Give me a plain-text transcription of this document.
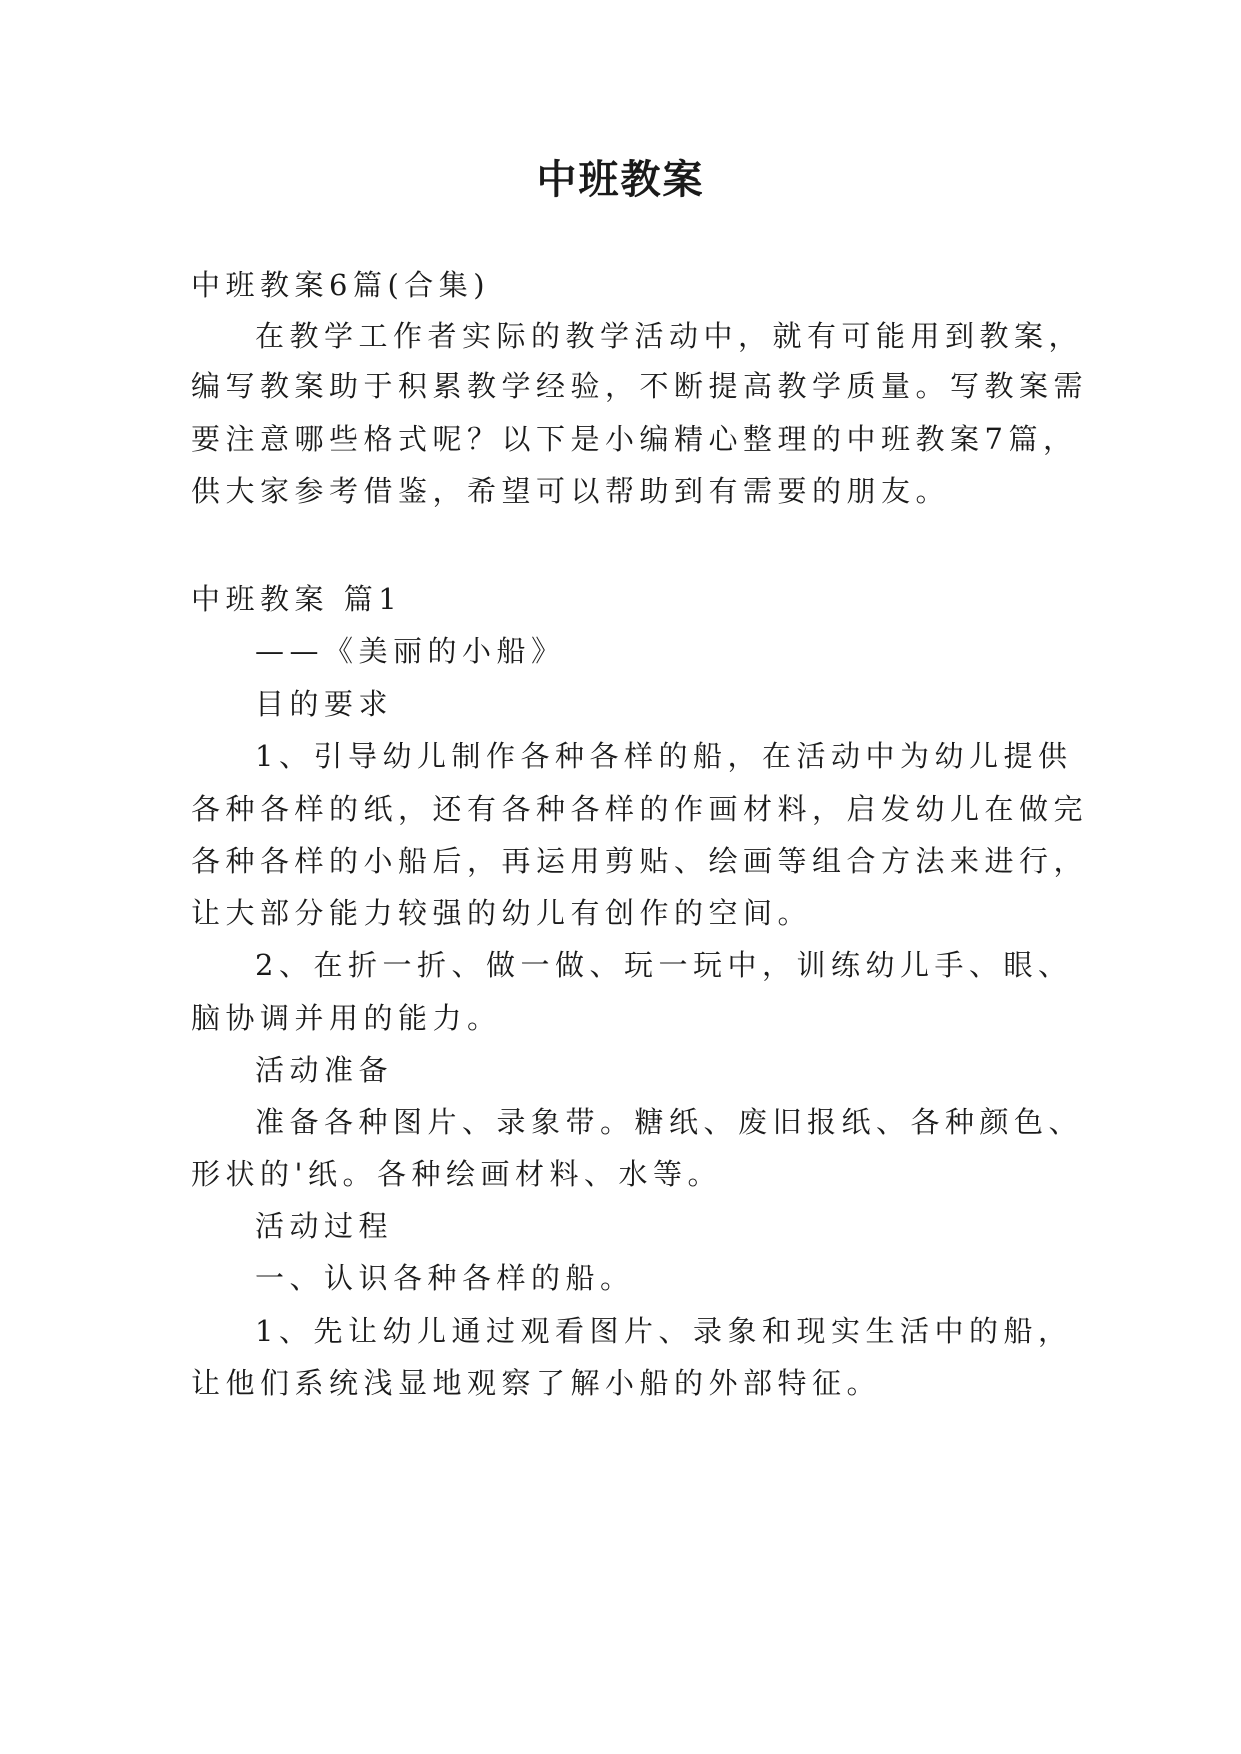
中班教案
中班教案6篇(合集)
在教学工作者实际的教学活动中，就有可能用到教案，
编写教案助于积累教学经验，不断提高教学质量。写教案需
要注意哪些格式呢？以下是小编精心整理的中班教案7篇，
供大家参考借鉴，希望可以帮助到有需要的朋友。
中班教案 篇1
——《美丽的小船》
目的要求
1、引导幼儿制作各种各样的船，在活动中为幼儿提供
各种各样的纸，还有各种各样的作画材料，启发幼儿在做完
各种各样的小船后，再运用剪贴、绘画等组合方法来进行，
让大部分能力较强的幼儿有创作的空间。
2、在折一折、做一做、玩一玩中，训练幼儿手、眼、
脑协调并用的能力。
活动准备
准备各种图片、录象带。糖纸、废旧报纸、各种颜色、
形状的'纸。各种绘画材料、水等。
活动过程
一、认识各种各样的船。
1、先让幼儿通过观看图片、录象和现实生活中的船，
让他们系统浅显地观察了解小船的外部特征。
